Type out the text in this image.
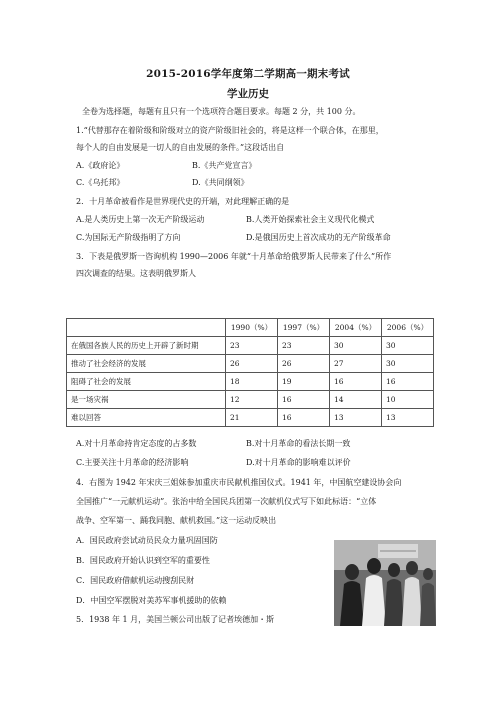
2015-2016学年度第二学期高一期末考试
学业历史
全卷为选择题，每题有且只有一个选项符合题目要求。每题 2 分，共 100 分。
1.“代替那存在着阶级和阶级对立的资产阶级旧社会的，将是这样一个联合体，在那里，
每个人的自由发展是一切人的自由发展的条件。”这段话出自
A.《政府论》	B.《共产党宣言》
C.《乌托邦》	D.《共同纲领》
2．十月革命被看作是世界现代史的开端，对此理解正确的是
A.是人类历史上第一次无产阶级运动	B.人类开始探索社会主义现代化模式
C.为国际无产阶级指明了方向	D.是俄国历史上首次成功的无产阶级革命
3．下表是俄罗斯一咨询机构 1990—2006 年就“十月革命给俄罗斯人民带来了什么”所作
四次调查的结果。这表明俄罗斯人
	1990（%）	1997（%）	2004（%）	2006（%）
在俄国各族人民的历史上开辟了新时期	23	23	30	30
推动了社会经济的发展	26	26	27	30
阻碍了社会的发展	18	19	16	16
是一场灾祸	12	16	14	10
难以回答	21	16	13	13
A.对十月革命持肯定态度的占多数	B.对十月革命的看法长期一致
C.主要关注十月革命的经济影响	D.对十月革命的影响难以评价
4．右图为 1942 年宋庆三姐妹参加重庆市民献机推国仪式。1941 年，中国航空建设协会向
全国推广“一元献机运动”。张治中给全国民兵团第一次献机仪式写下如此标语：“立体
战争、空军第一、踊我同胞、献机救国。”这一运动反映出
A．国民政府尝试动员民众力量巩固国防
B．国民政府开始认识到空军的重要性
C．国民政府借献机运动搜刮民财
D．中国空军摆脱对美苏军事机援助的依赖
5．1938 年 1 月，美国兰顿公司出版了记者埃德加・斯
